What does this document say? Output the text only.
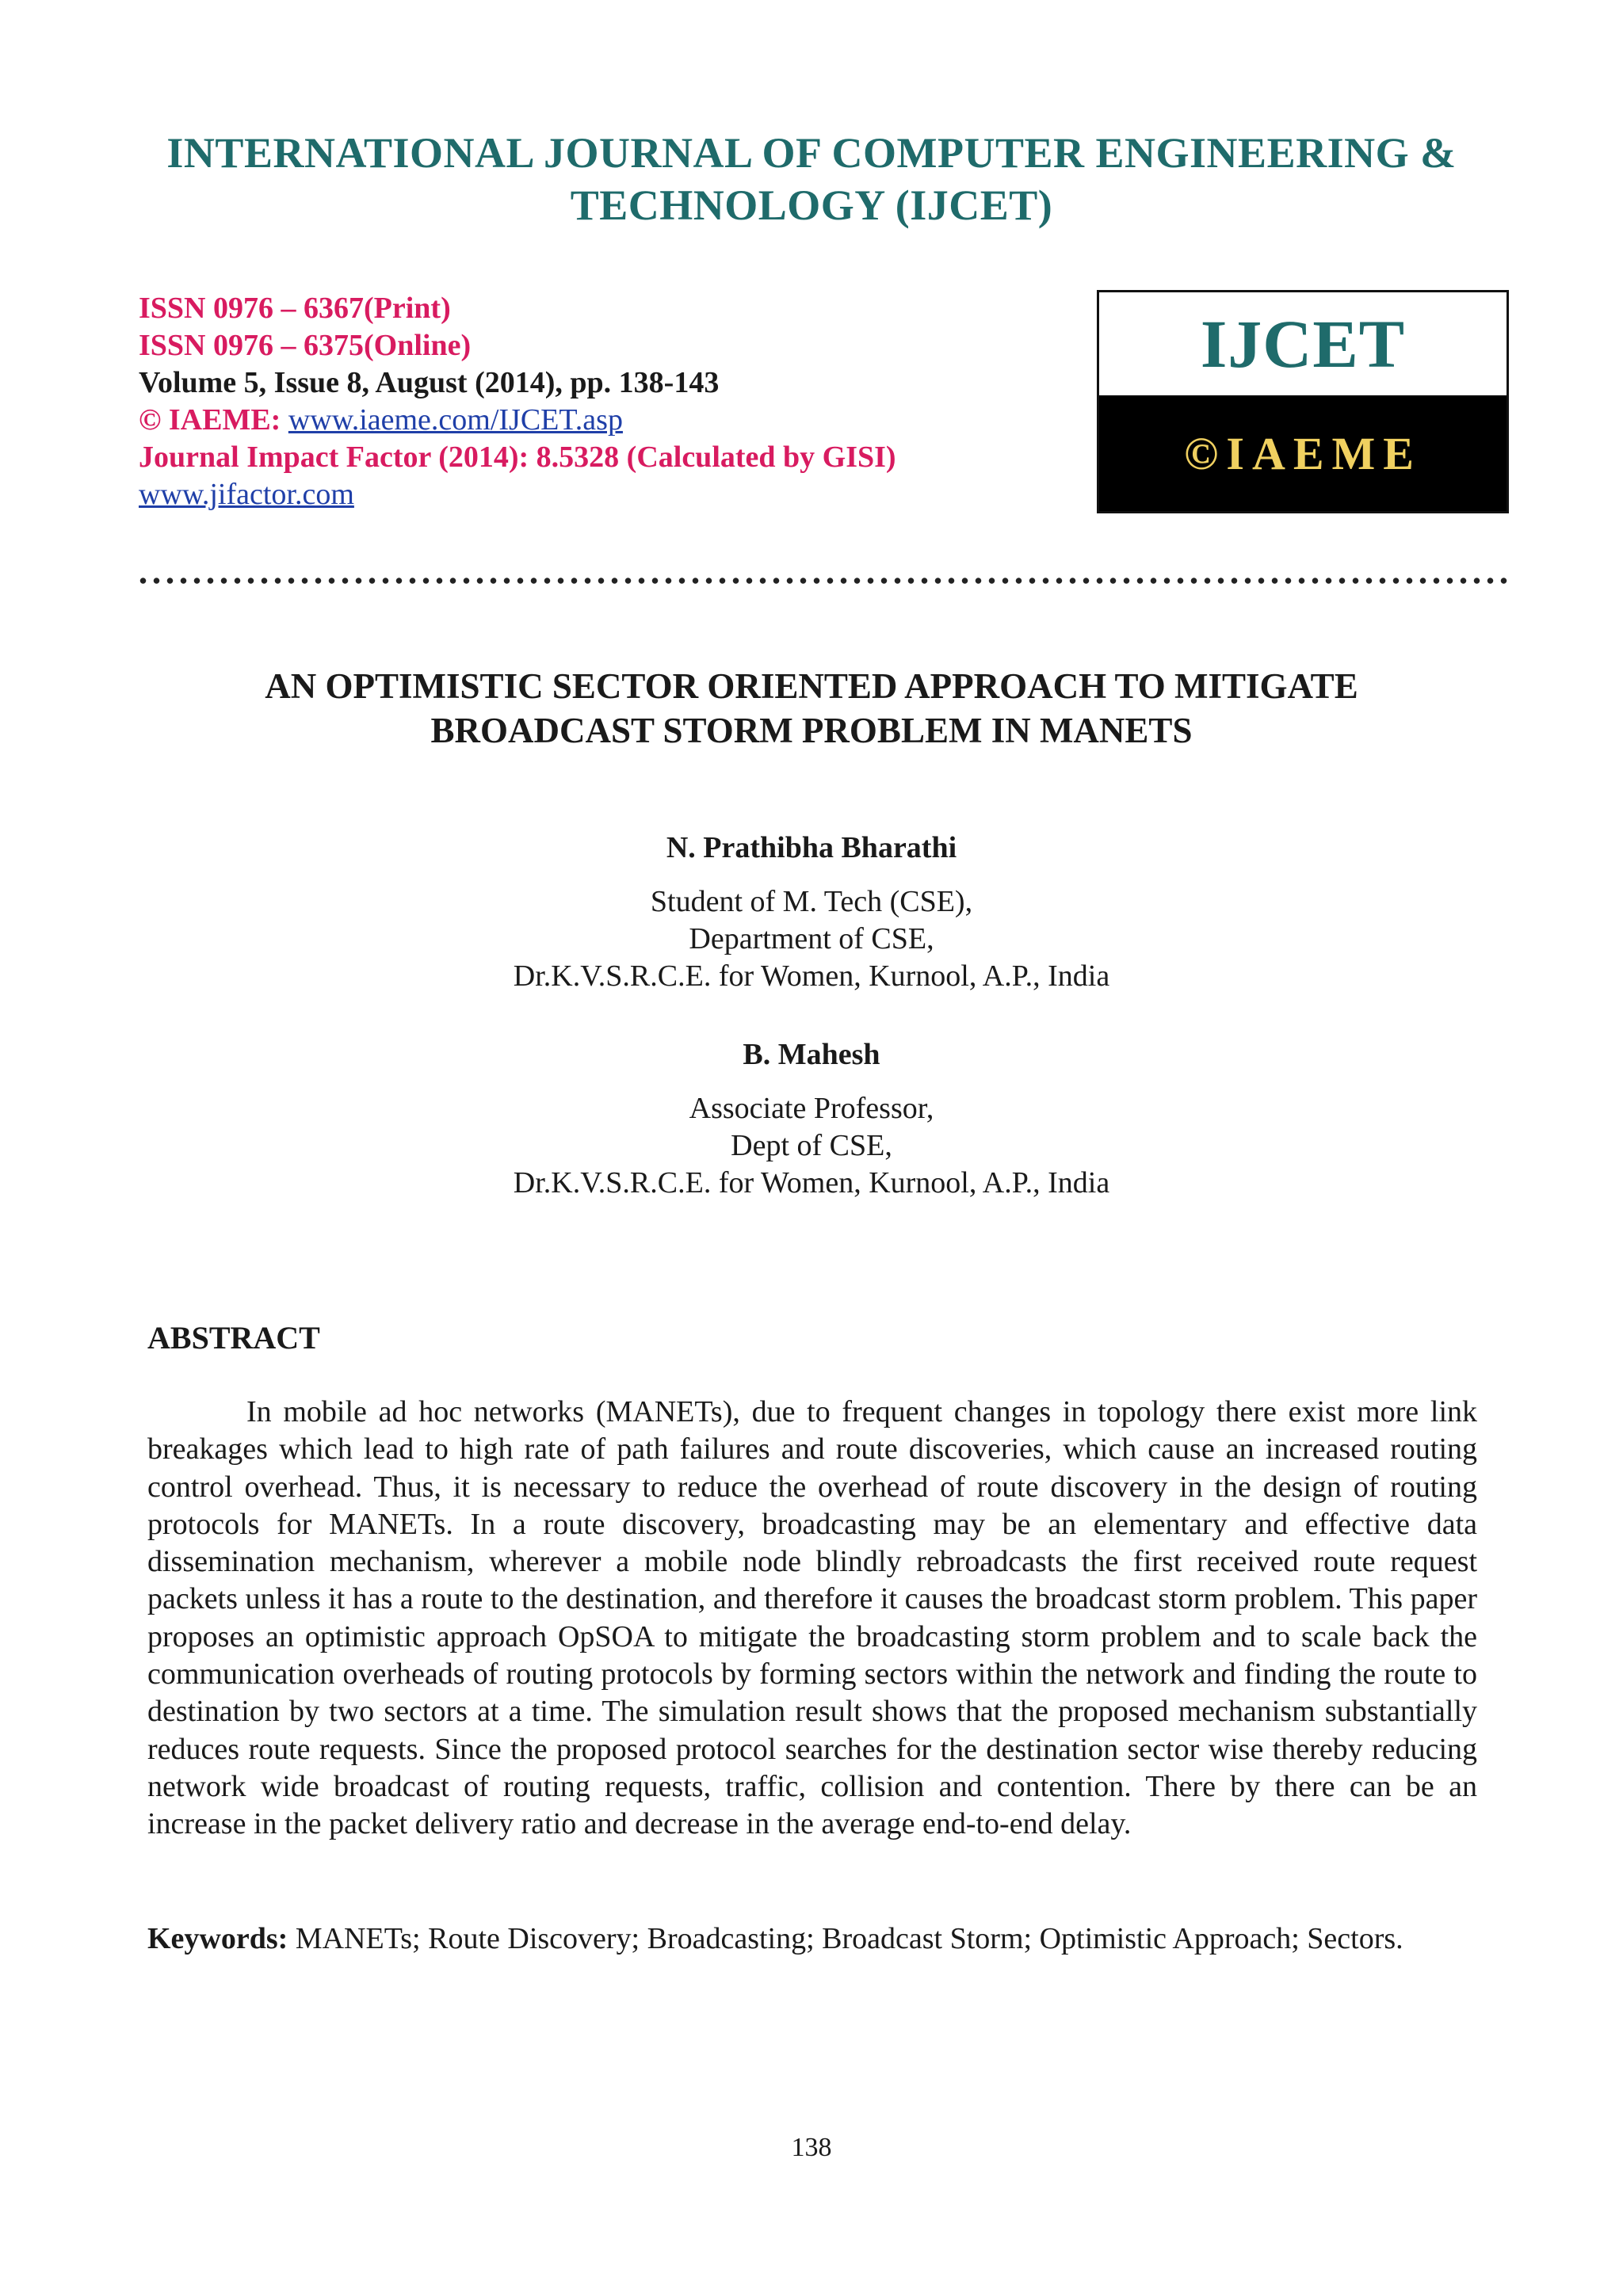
INTERNATIONAL JOURNAL OF COMPUTER ENGINEERING & TECHNOLOGY (IJCET)
ISSN 0976 – 6367(Print)
ISSN 0976 – 6375(Online)
Volume 5, Issue 8, August (2014), pp. 138-143
© IAEME: www.iaeme.com/IJCET.asp
Journal Impact Factor (2014): 8.5328 (Calculated by GISI)
www.jifactor.com
IJCET
©IAEME
AN OPTIMISTIC SECTOR ORIENTED APPROACH TO MITIGATE BROADCAST STORM PROBLEM IN MANETS
N. Prathibha Bharathi
Student of M. Tech (CSE),
Department of CSE,
Dr.K.V.S.R.C.E. for Women, Kurnool, A.P., India
B. Mahesh
Associate Professor,
Dept of CSE,
Dr.K.V.S.R.C.E. for Women, Kurnool, A.P., India
ABSTRACT

In mobile ad hoc networks (MANETs), due to frequent changes in topology there exist more link breakages which lead to high rate of path failures and route discoveries, which cause an increased routing control overhead. Thus, it is necessary to reduce the overhead of route discovery in the design of routing protocols for MANETs. In a route discovery, broadcasting may be an elementary and effective data dissemination mechanism, wherever a mobile node blindly rebroadcasts the first received route request packets unless it has a route to the destination, and therefore it causes the broadcast storm problem. This paper proposes an optimistic approach OpSOA to mitigate the broadcasting storm problem and to scale back the communication overheads of routing protocols by forming sectors within the network and finding the route to destination by two sectors at a time. The simulation result shows that the proposed mechanism substantially reduces route requests. Since the proposed protocol searches for the destination sector wise thereby reducing network wide broadcast of routing requests, traffic, collision and contention. There by there can be an increase in the packet delivery ratio and decrease in the average end-to-end delay.

Keywords: MANETs; Route Discovery; Broadcasting; Broadcast Storm; Optimistic Approach; Sectors.

138
